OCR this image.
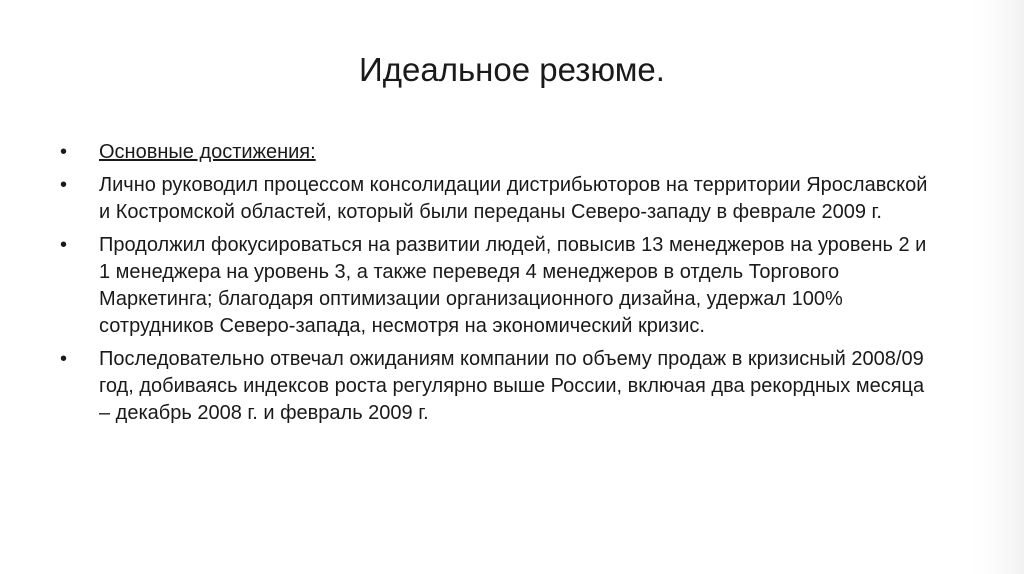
Идеальное резюме.
•	Основные достижения:
•	Лично руководил процессом консолидации дистрибьюторов на территории Ярославской и Костромской областей, который были переданы Северо-западу в феврале 2009 г.
•	Продолжил фокусироваться на развитии людей, повысив 13 менеджеров на уровень 2 и 1 менеджера на уровень 3, а также переведя 4 менеджеров в отдель Торгового Маркетинга; благодаря оптимизации организационного дизайна, удержал 100% сотрудников Северо-запада, несмотря на экономический кризис.
•	Последовательно отвечал ожиданиям компании по объему продаж в кризисный 2008/09 год, добиваясь индексов роста регулярно выше России, включая два рекордных месяца – декабрь 2008 г. и февраль 2009 г.
